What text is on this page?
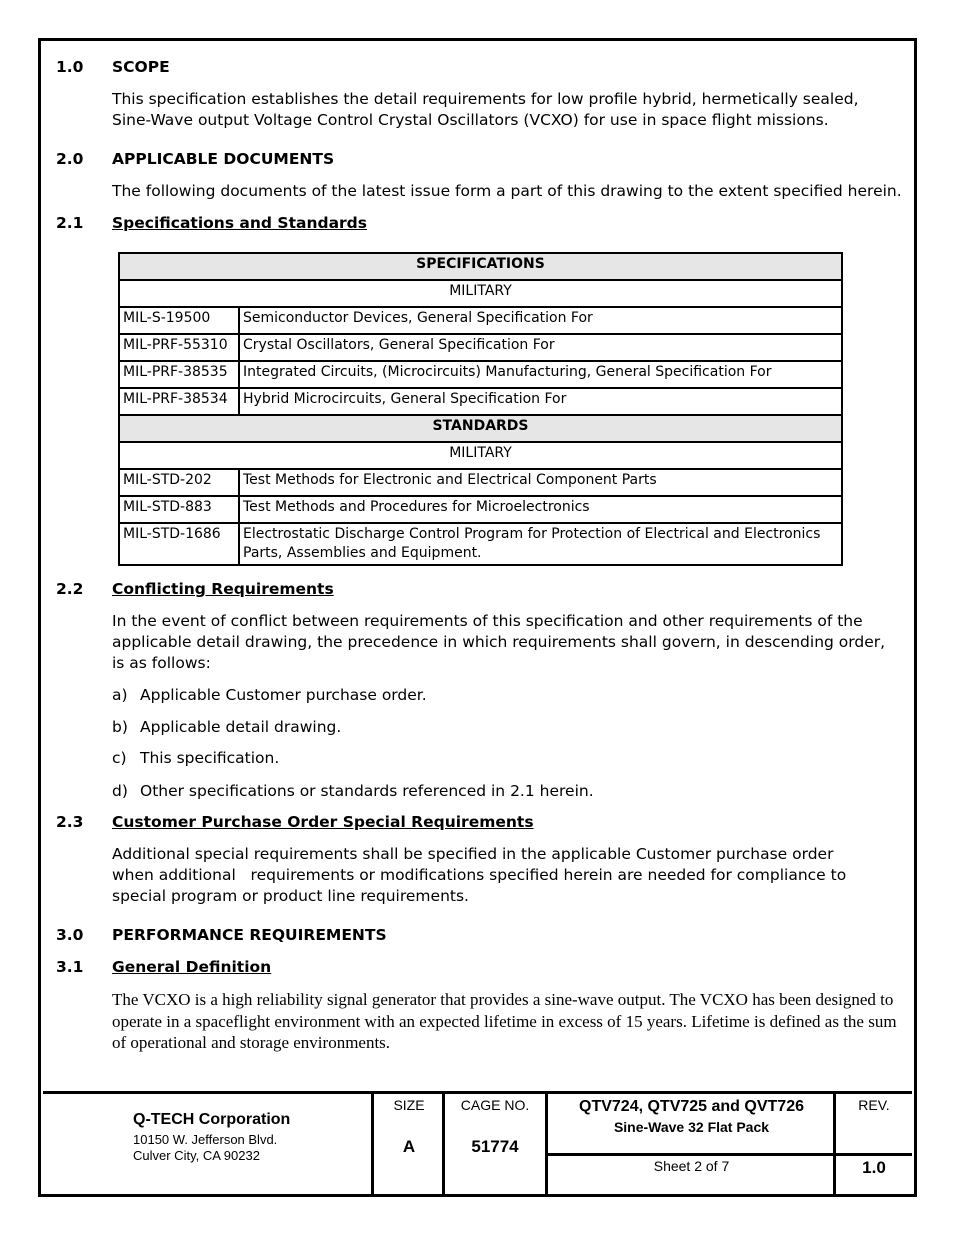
1.0 SCOPE
This specification establishes the detail requirements for low profile hybrid, hermetically sealed, Sine-Wave output Voltage Control Crystal Oscillators (VCXO) for use in space flight missions.
2.0 APPLICABLE DOCUMENTS
The following documents of the latest issue form a part of this drawing to the extent specified herein.
2.1 Specifications and Standards
SPECIFICATIONS	
MILITARY	
MIL-S-19500	Semiconductor Devices, General Specification For
MIL-PRF-55310	Crystal Oscillators, General Specification For
MIL-PRF-38535	Integrated Circuits, (Microcircuits) Manufacturing, General Specification For
MIL-PRF-38534	Hybrid Microcircuits, General Specification For
STANDARDS	
MILITARY	
MIL-STD-202	Test Methods for Electronic and Electrical Component Parts
MIL-STD-883	Test Methods and Procedures for Microelectronics
MIL-STD-1686	Electrostatic Discharge Control Program for Protection of Electrical and Electronics Parts, Assemblies and Equipment.
2.2 Conflicting Requirements
In the event of conflict between requirements of this specification and other requirements of the applicable detail drawing, the precedence in which requirements shall govern, in descending order, is as follows:
a) Applicable Customer purchase order.
b) Applicable detail drawing.
c) This specification.
d) Other specifications or standards referenced in 2.1 herein.
2.3 Customer Purchase Order Special Requirements
Additional special requirements shall be specified in the applicable Customer purchase order when additional   requirements or modifications specified herein are needed for compliance to special program or product line requirements.
3.0 PERFORMANCE REQUIREMENTS
3.1 General Definition
The VCXO is a high reliability signal generator that provides a sine-wave output. The VCXO has been designed to operate in a spaceflight environment with an expected lifetime in excess of 15 years. Lifetime is defined as the sum of operational and storage environments.
Q-TECH Corporation
10150 W. Jefferson Blvd.
Culver City, CA 90232
SIZE
A
CAGE NO.
51774
QTV724, QTV725 and QVT726
Sine-Wave 32 Flat Pack
Sheet 2 of 7
REV.
1.0
